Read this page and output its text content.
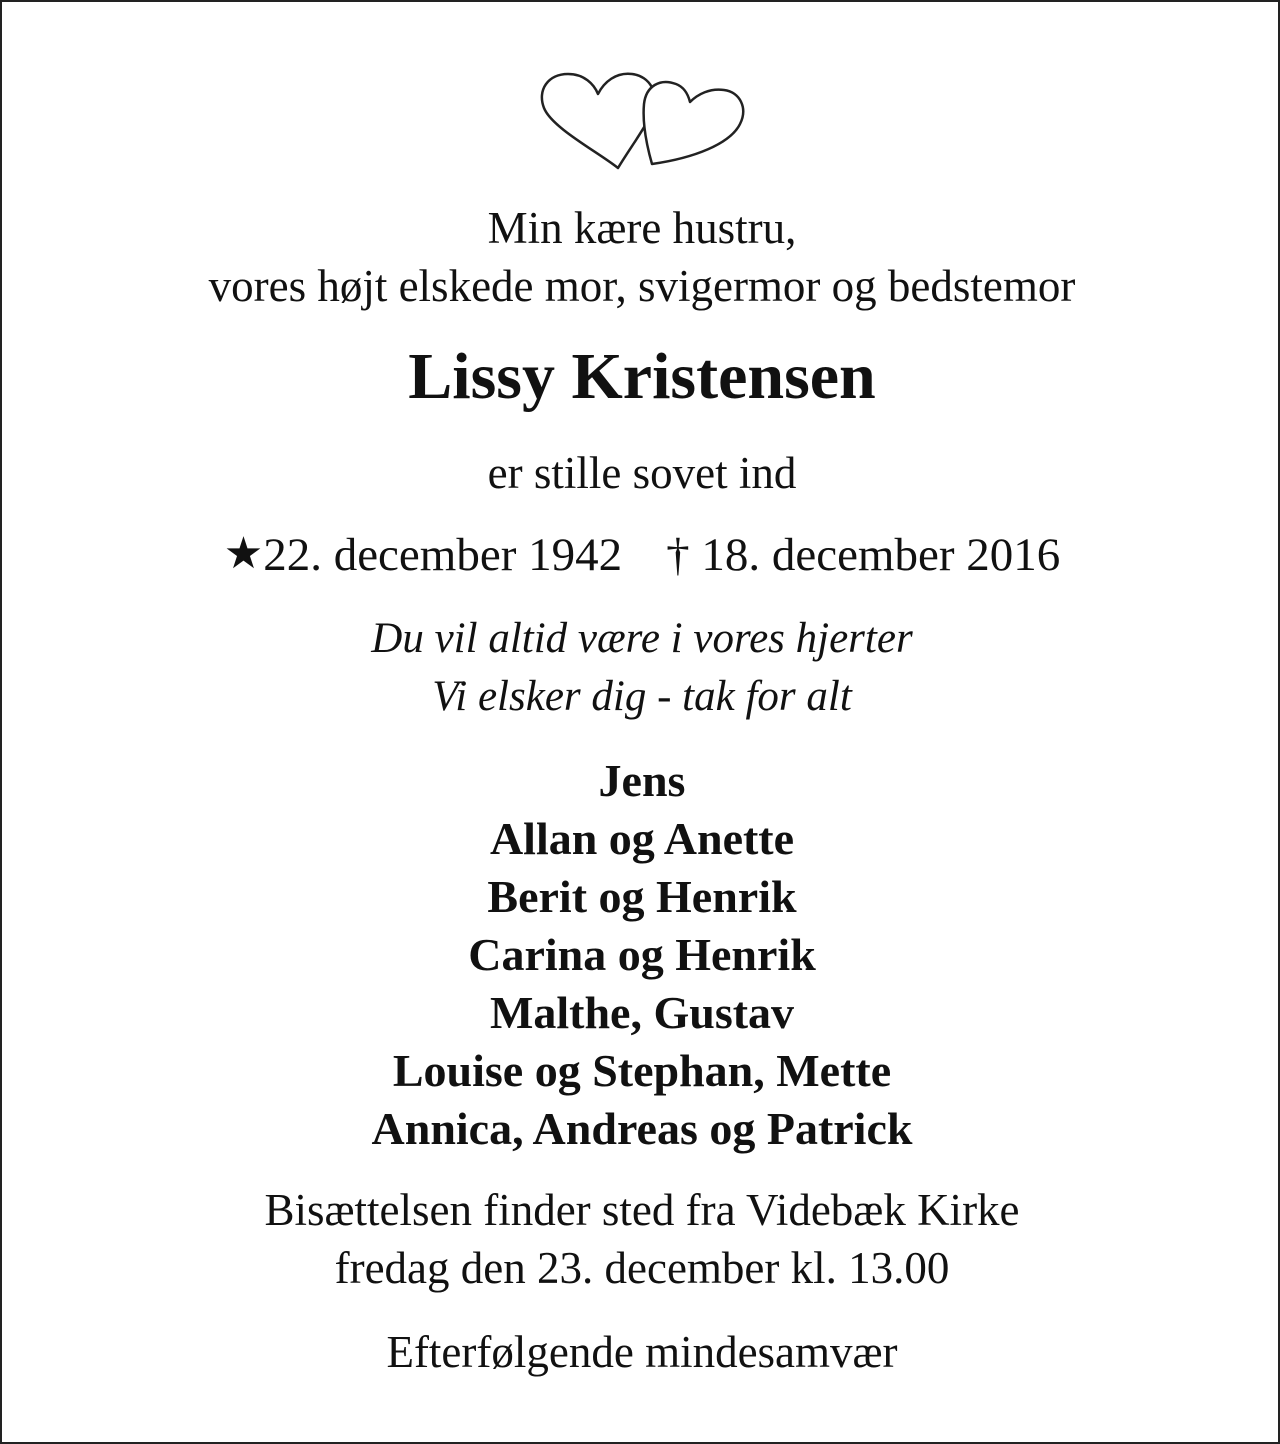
Min kære hustru,
vores højt elskede mor, svigermor og bedstemor
Lissy Kristensen
er stille sovet ind
★22. december 1942 † 18. december 2016
Du vil altid være i vores hjerter
Vi elsker dig - tak for alt
Jens
Allan og Anette
Berit og Henrik
Carina og Henrik
Malthe, Gustav
Louise og Stephan, Mette
Annica, Andreas og Patrick
Bisættelsen finder sted fra Videbæk Kirke
fredag den 23. december kl. 13.00
Efterfølgende mindesamvær
